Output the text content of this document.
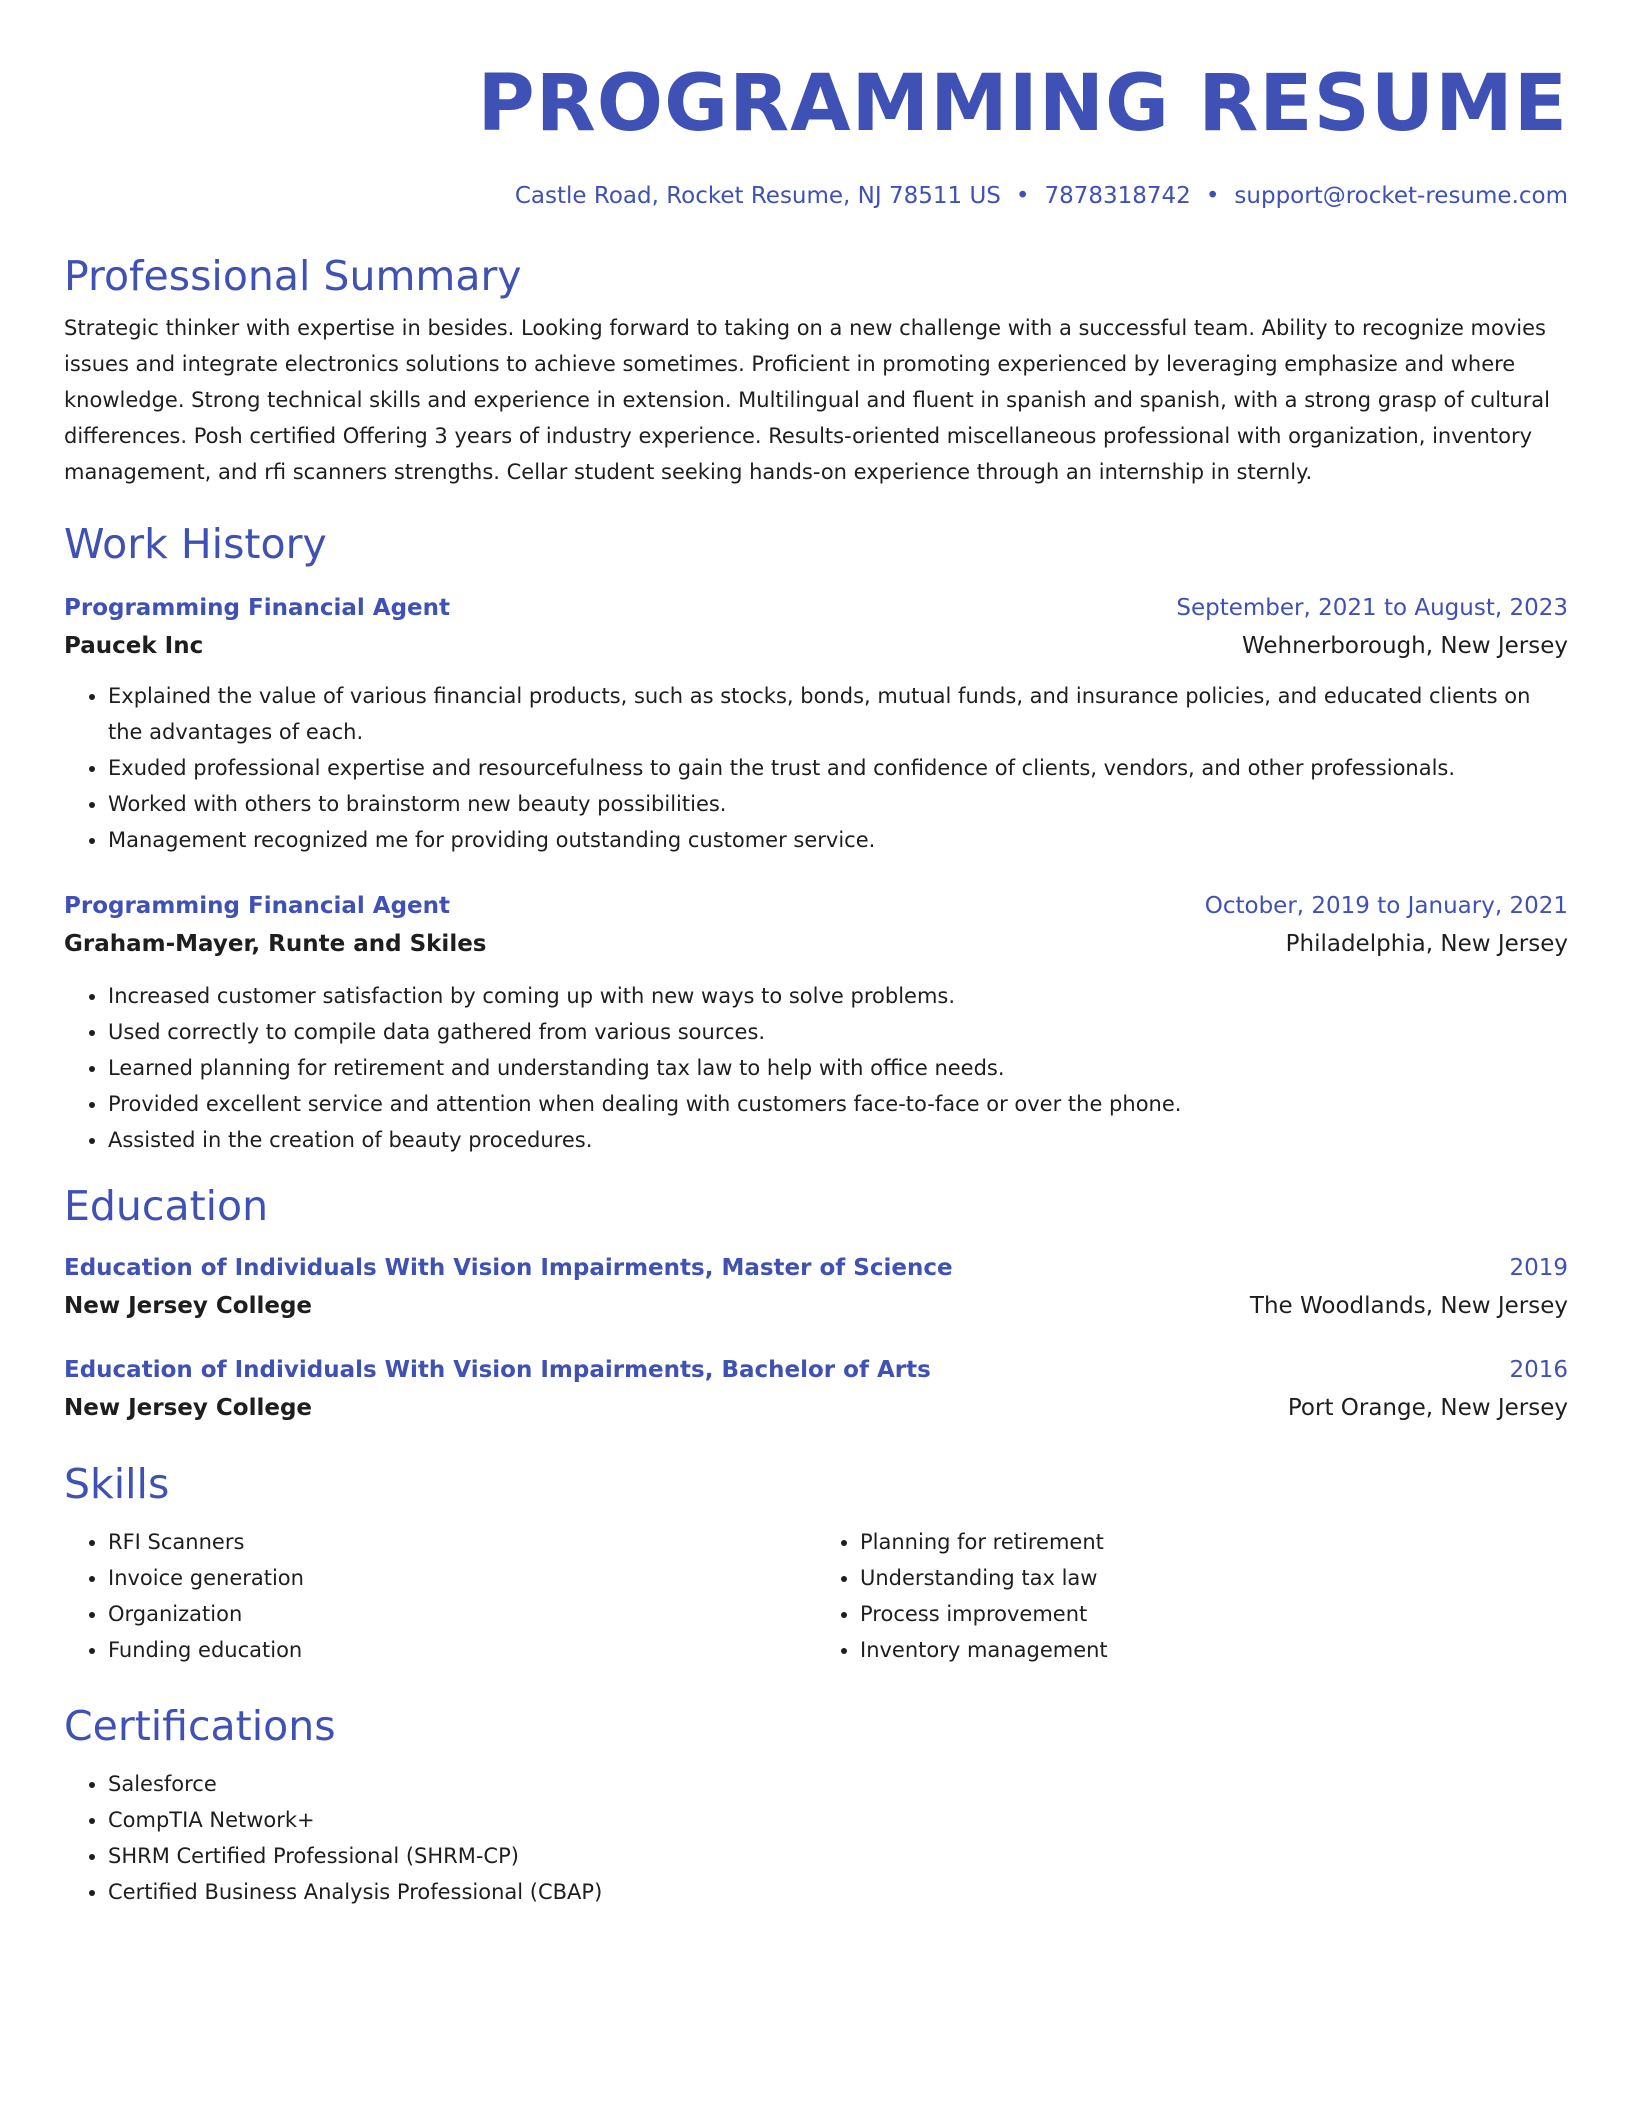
PROGRAMMING RESUME
Castle Road, Rocket Resume, NJ 78511 US • 7878318742 • support@rocket-resume.com
Professional Summary
Strategic thinker with expertise in besides. Looking forward to taking on a new challenge with a successful team. Ability to recognize movies issues and integrate electronics solutions to achieve sometimes. Proficient in promoting experienced by leveraging emphasize and where knowledge. Strong technical skills and experience in extension. Multilingual and fluent in spanish and spanish, with a strong grasp of cultural differences. Posh certified Offering 3 years of industry experience. Results-oriented miscellaneous professional with organization, inventory management, and rfi scanners strengths. Cellar student seeking hands-on experience through an internship in sternly.
Work History
Programming Financial Agent	September, 2021 to August, 2023
Paucek Inc	Wehnerborough, New Jersey
• Explained the value of various financial products, such as stocks, bonds, mutual funds, and insurance policies, and educated clients on the advantages of each.
• Exuded professional expertise and resourcefulness to gain the trust and confidence of clients, vendors, and other professionals.
• Worked with others to brainstorm new beauty possibilities.
• Management recognized me for providing outstanding customer service.
Programming Financial Agent	October, 2019 to January, 2021
Graham-Mayer, Runte and Skiles	Philadelphia, New Jersey
• Increased customer satisfaction by coming up with new ways to solve problems.
• Used correctly to compile data gathered from various sources.
• Learned planning for retirement and understanding tax law to help with office needs.
• Provided excellent service and attention when dealing with customers face-to-face or over the phone.
• Assisted in the creation of beauty procedures.
Education
Education of Individuals With Vision Impairments, Master of Science	2019
New Jersey College	The Woodlands, New Jersey
Education of Individuals With Vision Impairments, Bachelor of Arts	2016
New Jersey College	Port Orange, New Jersey
Skills
• RFI Scanners
• Invoice generation
• Organization
• Funding education
• Planning for retirement
• Understanding tax law
• Process improvement
• Inventory management
Certifications
• Salesforce
• CompTIA Network+
• SHRM Certified Professional (SHRM-CP)
• Certified Business Analysis Professional (CBAP)
